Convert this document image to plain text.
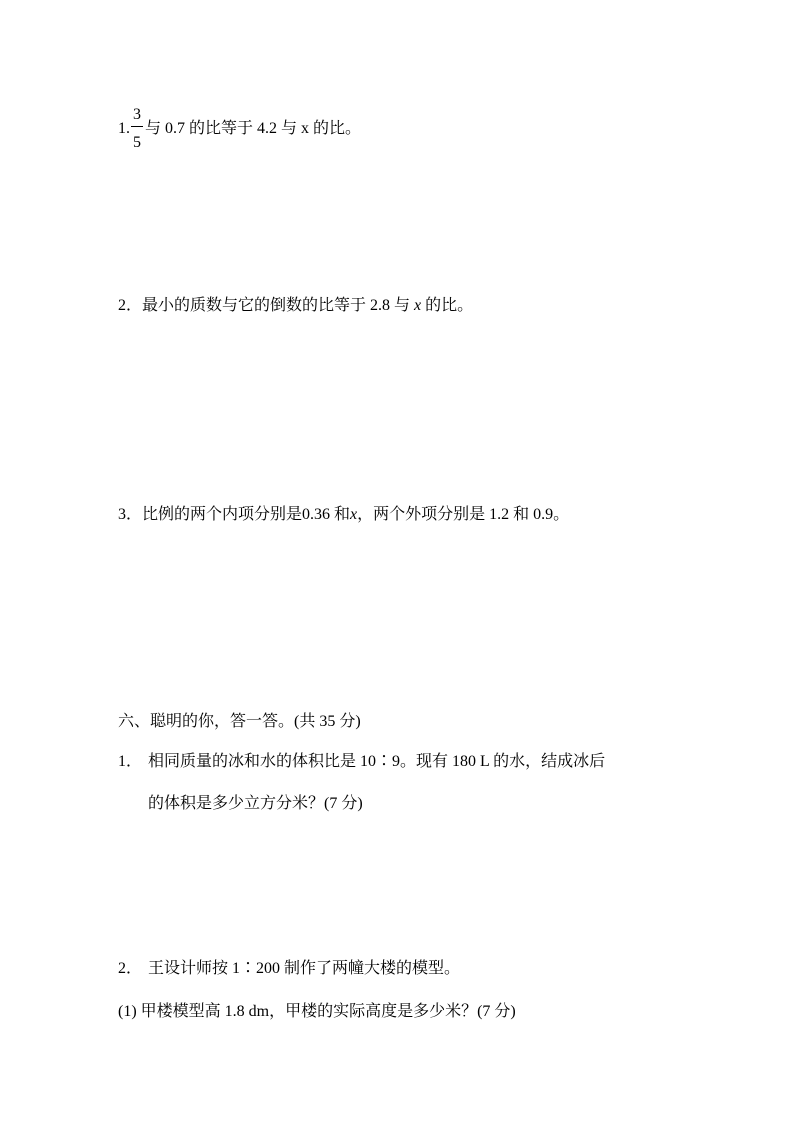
1.
3
5
与 0.7 的比等于 4.2 与 x 的比。
2．最小的质数与它的倒数的比等于 2.8 与 x 的比。
3．比例的两个内项分别是0.36 和x，两个外项分别是 1.2 和 0.9。
六、聪明的你，答一答。(共 35 分)
1． 相同质量的冰和水的体积比是 10∶9。现有 180 L 的水，结成冰后
的体积是多少立方分米？(7 分)
2． 王设计师按 1∶200 制作了两幢大楼的模型。
(1) 甲楼模型高 1.8 dm，甲楼的实际高度是多少米？(7 分)
